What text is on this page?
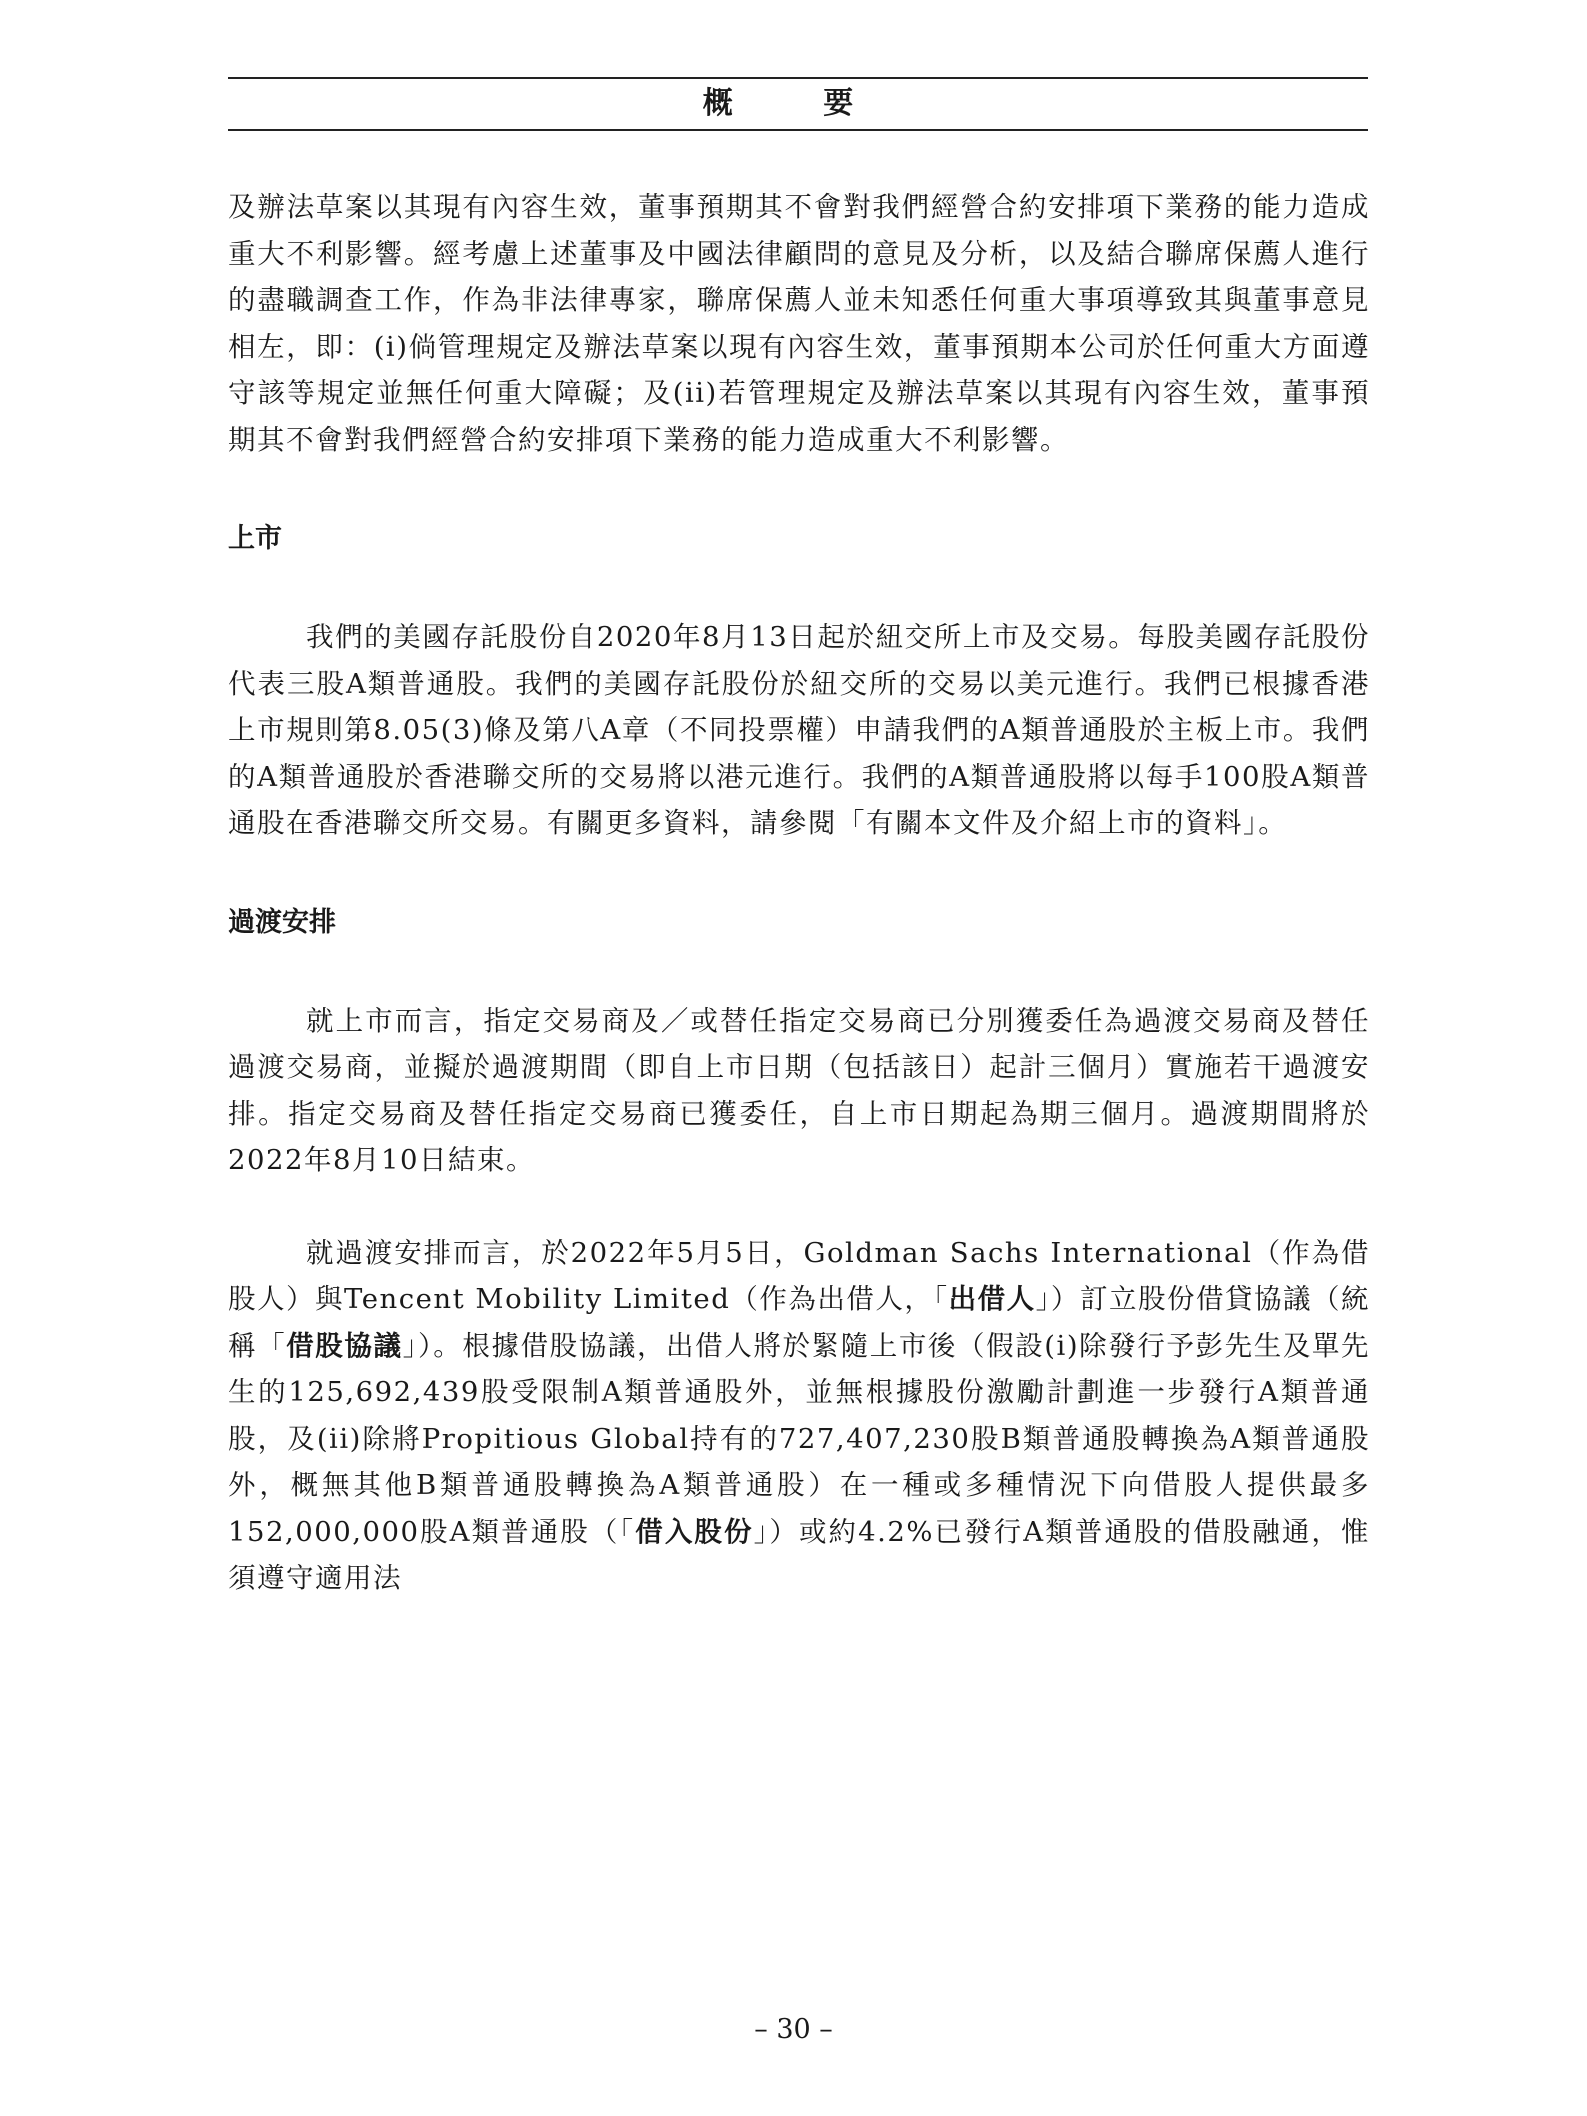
概 要

及辦法草案以其現有內容生效，董事預期其不會對我們經營合約安排項下業務的能力造成重大不利影響。經考慮上述董事及中國法律顧問的意見及分析，以及結合聯席保薦人進行的盡職調查工作，作為非法律專家，聯席保薦人並未知悉任何重大事項導致其與董事意見相左，即：(i)倘管理規定及辦法草案以現有內容生效，董事預期本公司於任何重大方面遵守該等規定並無任何重大障礙；及(ii)若管理規定及辦法草案以其現有內容生效，董事預期其不會對我們經營合約安排項下業務的能力造成重大不利影響。

上市

我們的美國存託股份自2020年8月13日起於紐交所上市及交易。每股美國存託股份代表三股A類普通股。我們的美國存託股份於紐交所的交易以美元進行。我們已根據香港上市規則第8.05(3)條及第八A章（不同投票權）申請我們的A類普通股於主板上市。我們的A類普通股於香港聯交所的交易將以港元進行。我們的A類普通股將以每手100股A類普通股在香港聯交所交易。有關更多資料，請參閱「有關本文件及介紹上市的資料」。

過渡安排

就上市而言，指定交易商及／或替任指定交易商已分別獲委任為過渡交易商及替任過渡交易商，並擬於過渡期間（即自上市日期（包括該日）起計三個月）實施若干過渡安排。指定交易商及替任指定交易商已獲委任，自上市日期起為期三個月。過渡期間將於2022年8月10日結束。

就過渡安排而言，於2022年5月5日，Goldman Sachs International（作為借股人）與Tencent Mobility Limited（作為出借人，「出借人」）訂立股份借貸協議（統稱「借股協議」）。根據借股協議，出借人將於緊隨上市後（假設(i)除發行予彭先生及單先生的125,692,439股受限制A類普通股外，並無根據股份激勵計劃進一步發行A類普通股，及(ii)除將Propitious Global持有的727,407,230股B類普通股轉換為A類普通股外，概無其他B類普通股轉換為A類普通股）在一種或多種情況下向借股人提供最多152,000,000股A類普通股（「借入股份」）或約4.2%已發行A類普通股的借股融通，惟須遵守適用法

– 30 –
